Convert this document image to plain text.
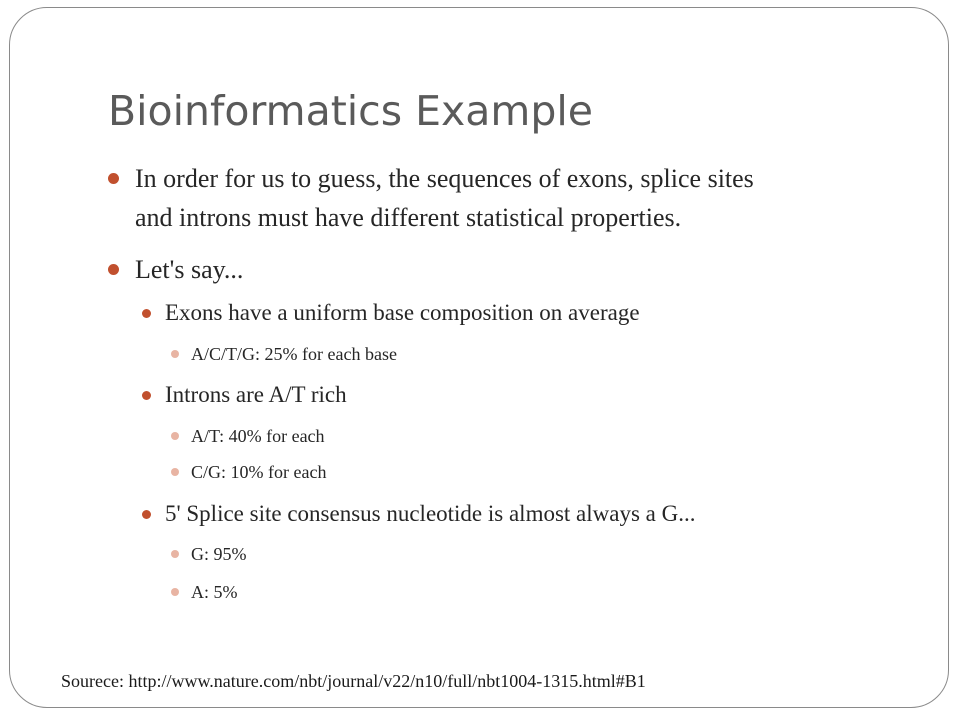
Bioinformatics Example
In order for us to guess, the sequences of exons, splice sites
and introns must have different statistical properties.
Let's say...
Exons have a uniform base composition on average
A/C/T/G: 25% for each base
Introns are A/T rich
A/T: 40% for each
C/G: 10% for each
5' Splice site consensus nucleotide is almost always a G...
G: 95%
A: 5%
Sourece: http://www.nature.com/nbt/journal/v22/n10/full/nbt1004-1315.html#B1
